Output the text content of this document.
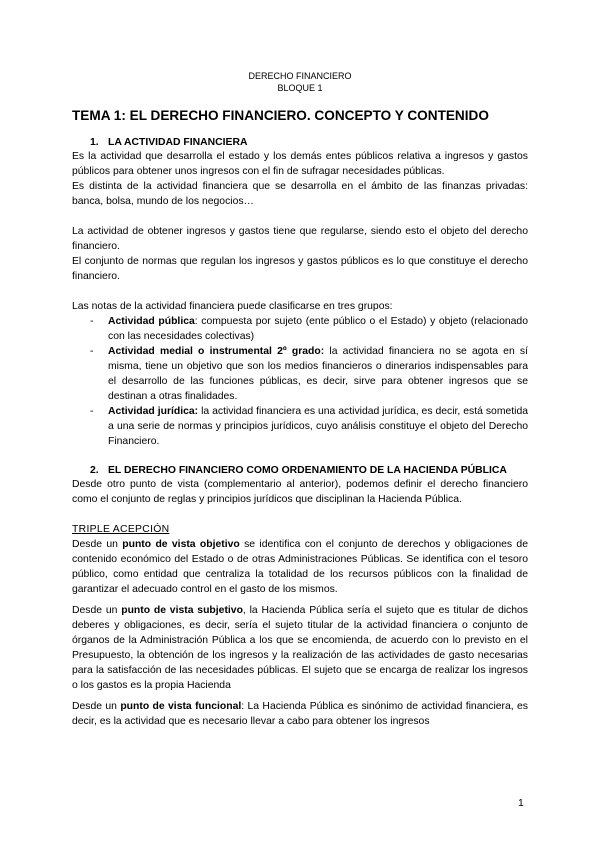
DERECHO FINANCIERO
BLOQUE 1
TEMA 1: EL DERECHO FINANCIERO. CONCEPTO Y CONTENIDO
1. LA ACTIVIDAD FINANCIERA

Es la actividad que desarrolla el estado y los demás entes públicos relativa a ingresos y gastos públicos para obtener unos ingresos con el fin de sufragar necesidades públicas.

Es distinta de la actividad financiera que se desarrolla en el ámbito de las finanzas privadas: banca, bolsa, mundo de los negocios…

La actividad de obtener ingresos y gastos tiene que regularse, siendo esto el objeto del derecho financiero.

El conjunto de normas que regulan los ingresos y gastos públicos es lo que constituye el derecho financiero.

Las notas de la actividad financiera puede clasificarse en tres grupos:

-	Actividad pública: compuesta por sujeto (ente público o el Estado) y objeto (relacionado con las necesidades colectivas)
-	Actividad medial o instrumental 2º grado: la actividad financiera no se agota en sí misma, tiene un objetivo que son los medios financieros o dinerarios indispensables para el desarrollo de las funciones públicas, es decir, sirve para obtener ingresos que se destinan a otras finalidades.
-	Actividad jurídica: la actividad financiera es una actividad jurídica, es decir, está sometida a una serie de normas y principios jurídicos, cuyo análisis constituye el objeto del Derecho Financiero.
2. EL DERECHO FINANCIERO COMO ORDENAMIENTO DE LA HACIENDA PÚBLICA

Desde otro punto de vista (complementario al anterior), podemos definir el derecho financiero como el conjunto de reglas y principios jurídicos que disciplinan la Hacienda Pública.

TRIPLE ACEPCIÓN

Desde un punto de vista objetivo se identifica con el conjunto de derechos y obligaciones de contenido económico del Estado o de otras Administraciones Públicas. Se identifica con el tesoro público, como entidad que centraliza la totalidad de los recursos públicos con la finalidad de garantizar el adecuado control en el gasto de los mismos.

Desde un punto de vista subjetivo, la Hacienda Pública sería el sujeto que es titular de dichos deberes y obligaciones, es decir, sería el sujeto titular de la actividad financiera o conjunto de órganos de la Administración Pública a los que se encomienda, de acuerdo con lo previsto en el Presupuesto, la obtención de los ingresos y la realización de las actividades de gasto necesarias para la satisfacción de las necesidades públicas. El sujeto que se encarga de realizar los ingresos o los gastos es la propia Hacienda

Desde un punto de vista funcional: La Hacienda Pública es sinónimo de actividad financiera, es decir, es la actividad que es necesario llevar a cabo para obtener los ingresos

1
